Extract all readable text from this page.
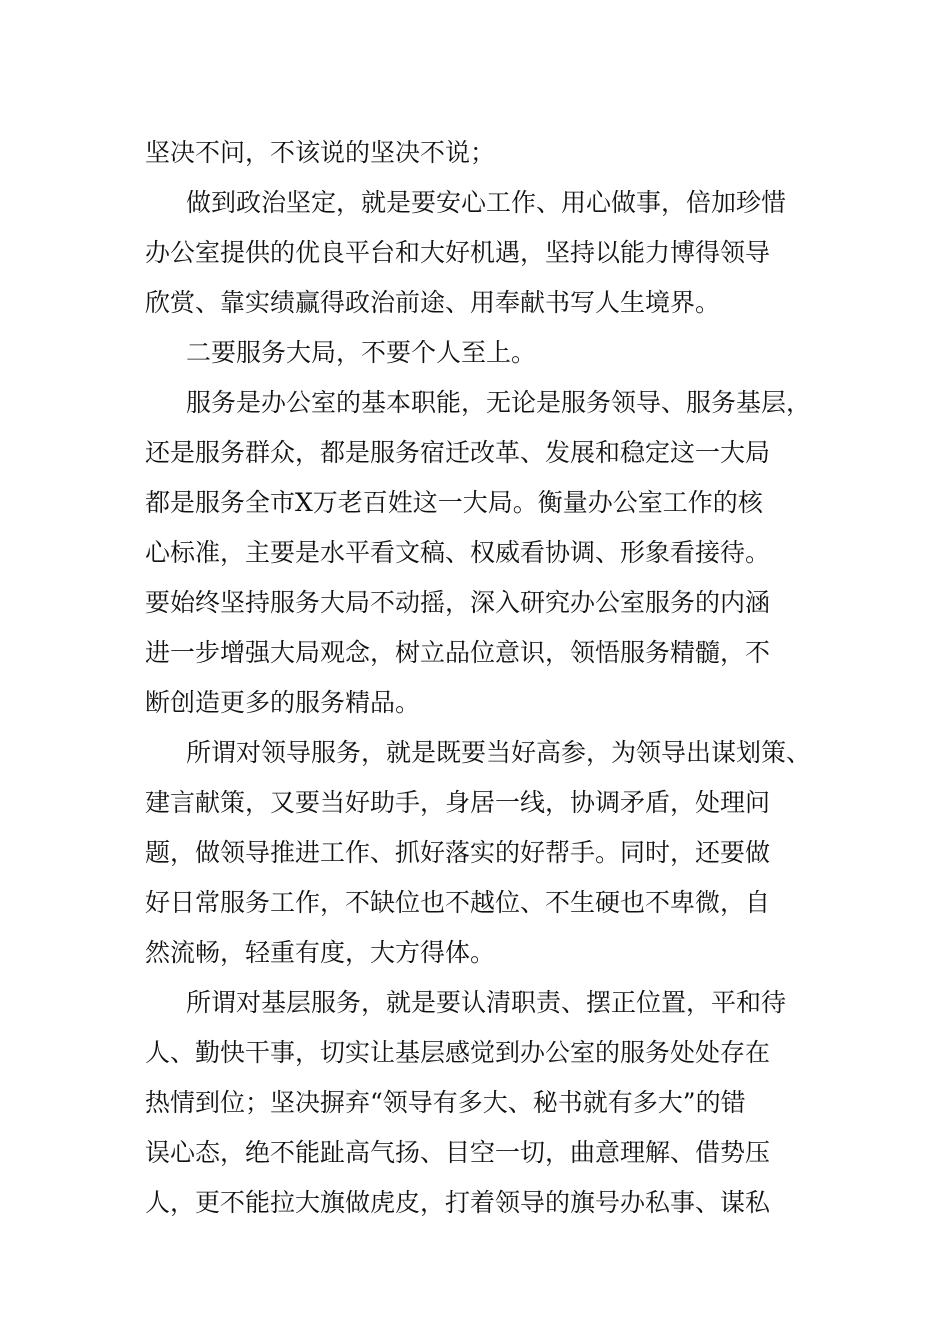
坚决不问，不该说的坚决不说；
做到政治坚定，就是要安心工作、用心做事，倍加珍惜
办公室提供的优良平台和大好机遇，坚持以能力博得领导
欣赏、靠实绩赢得政治前途、用奉献书写人生境界。
二要服务大局，不要个人至上。
服务是办公室的基本职能，无论是服务领导、服务基层，
还是服务群众，都是服务宿迁改革、发展和稳定这一大局
都是服务全市X万老百姓这一大局。衡量办公室工作的核
心标准，主要是水平看文稿、权威看协调、形象看接待。
要始终坚持服务大局不动摇，深入研究办公室服务的内涵
进一步增强大局观念，树立品位意识，领悟服务精髓，不
断创造更多的服务精品。
所谓对领导服务，就是既要当好高参，为领导出谋划策、
建言献策，又要当好助手，身居一线，协调矛盾，处理问
题，做领导推进工作、抓好落实的好帮手。同时，还要做
好日常服务工作，不缺位也不越位、不生硬也不卑微，自
然流畅，轻重有度，大方得体。
所谓对基层服务，就是要认清职责、摆正位置，平和待
人、勤快干事，切实让基层感觉到办公室的服务处处存在
热情到位；坚决摒弃“领导有多大、秘书就有多大”的错
误心态，绝不能趾高气扬、目空一切，曲意理解、借势压
人，更不能拉大旗做虎皮，打着领导的旗号办私事、谋私
